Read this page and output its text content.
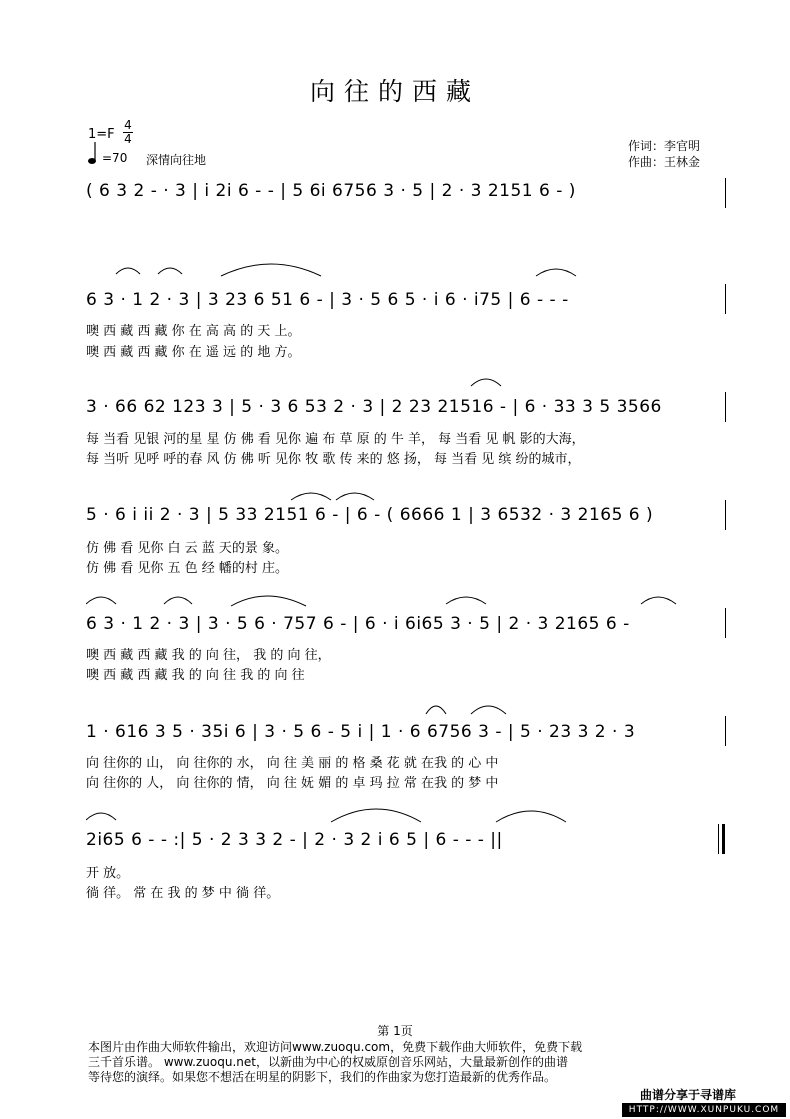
向往的西藏
1=F
4
4
=70 深情向往地
作词：李官明
作曲：王林金
( 6 3 2 - · 3 | i 2i 6 - - | 5 6i 6756 3 · 5 | 2 · 3 2151 6 - )
6 3 · 1 2 · 3 | 3 23 6 51 6 - | 3 · 5 6 5 · i 6 · i75 | 6 - - -
噢 西 藏 西 藏 你 在 高 高 的 天 上。
噢 西 藏 西 藏 你 在 遥 远 的 地 方。
3 · 66 62 123 3 | 5 · 3 6 53 2 · 3 | 2 23 21516 - | 6 · 33 3 5 3566
每 当看 见银 河的星 星 仿 佛 看 见你 遍 布 草 原 的 牛 羊， 每 当看 见 帆 影的大海，
每 当听 见呼 呼的春 风 仿 佛 听 见你 牧 歌 传 来的 悠 扬， 每 当看 见 缤 纷的城市，
5 · 6 i ii 2 · 3 | 5 33 2151 6 - | 6 - ( 6666 1 | 3 6532 · 3 2165 6 )
仿 佛 看 见你 白 云 蓝 天的景 象。
仿 佛 看 见你 五 色 经 幡的村 庄。
6 3 · 1 2 · 3 | 3 · 5 6 · 757 6 - | 6 · i 6i65 3 · 5 | 2 · 3 2165 6 -
噢 西 藏 西 藏 我 的 向 往， 我 的 向 往，
噢 西 藏 西 藏 我 的 向 往 我 的 向 往
1 · 616 3 5 · 35i 6 | 3 · 5 6 - 5 i | 1 · 6 6756 3 - | 5 · 23 3 2 · 3
向 往你的 山， 向 往你的 水， 向 往 美 丽 的 格 桑 花 就 在我 的 心 中
向 往你的 人， 向 往你的 情， 向 往 妩 媚 的 卓 玛 拉 常 在我 的 梦 中
2i65 6 - - :| 5 · 2 3 3 2 - | 2 · 3 2 i 6 5 | 6 - - - ||
开 放。
徜 徉。 常 在 我 的 梦 中 徜 徉。
第 1页
本图片由作曲大师软件输出，欢迎访问www.zuoqu.com，免费下载作曲大师软件，免费下载
三千首乐谱。 www.zuoqu.net，以新曲为中心的权威原创音乐网站，大量最新创作的曲谱
等待您的演绎。如果您不想活在明星的阴影下，我们的作曲家为您打造最新的优秀作品。
曲谱分享于寻谱库
HTTP://WWW.XUNPUKU.COM
